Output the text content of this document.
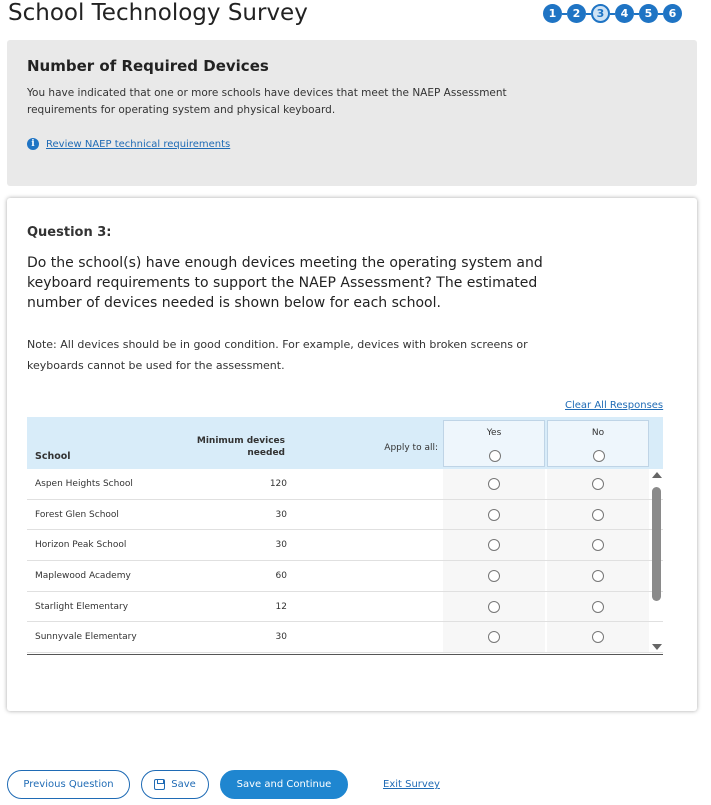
School Technology Survey	1	2	3	4	5	6
Number of Required Devices
You have indicated that one or more schools have devices that meet the NAEP Assessment requirements for operating system and physical keyboard.
i	Review NAEP technical requirements
Question 3:
Do the school(s) have enough devices meeting the operating system and keyboard requirements to support the NAEP Assessment? The estimated number of devices needed is shown below for each school.
Note: All devices should be in good condition. For example, devices with broken screens or keyboards cannot be used for the assessment.
Clear All Responses
School
Minimum devices needed	Apply to all:
Yes	No
Aspen Heights School	120
Forest Glen School	30
Horizon Peak School	30
Maplewood Academy	60
Starlight Elementary	12
Sunnyvale Elementary	30
Previous Question	Save	Save and Continue	Exit Survey
